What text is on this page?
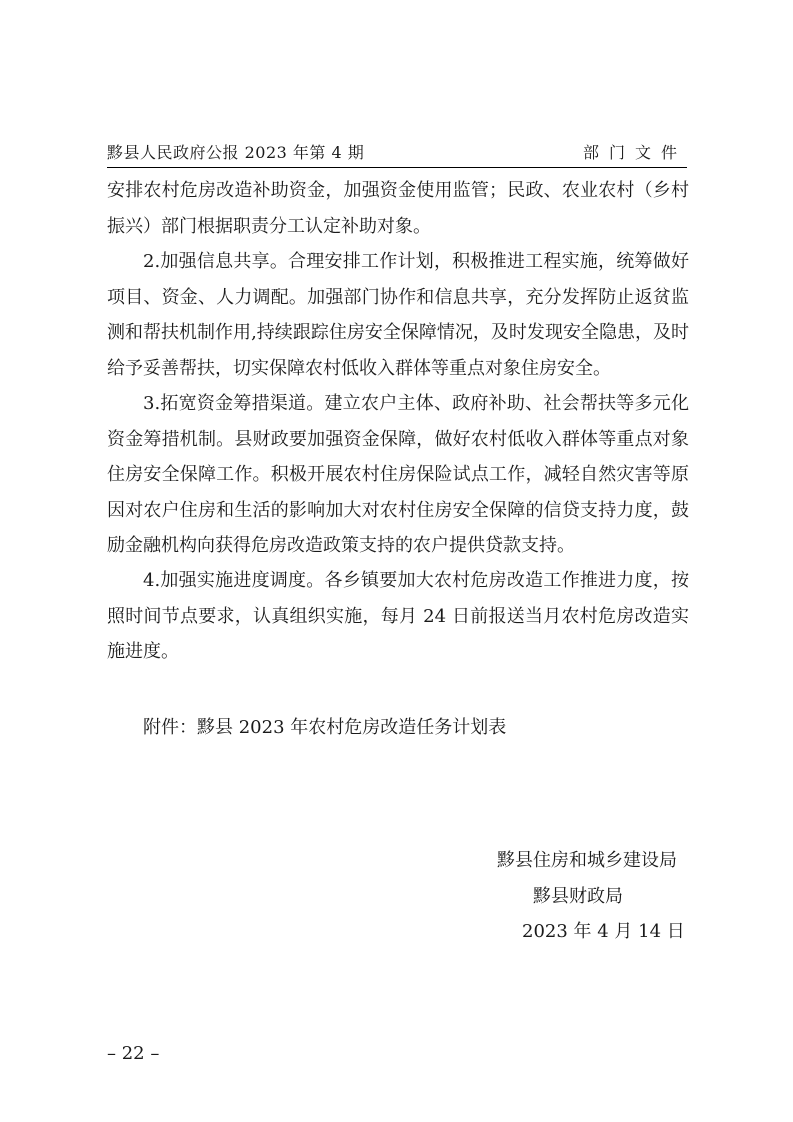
黟县人民政府公报 2023 年第 4 期	部门文件

安排农村危房改造补助资金，加强资金使用监管；民政、农业农村（乡村振兴）部门根据职责分工认定补助对象。

2.加强信息共享。合理安排工作计划，积极推进工程实施，统筹做好项目、资金、人力调配。加强部门协作和信息共享，充分发挥防止返贫监测和帮扶机制作用,持续跟踪住房安全保障情况，及时发现安全隐患，及时给予妥善帮扶，切实保障农村低收入群体等重点对象住房安全。

3.拓宽资金筹措渠道。建立农户主体、政府补助、社会帮扶等多元化资金筹措机制。县财政要加强资金保障，做好农村低收入群体等重点对象住房安全保障工作。积极开展农村住房保险试点工作，减轻自然灾害等原因对农户住房和生活的影响加大对农村住房安全保障的信贷支持力度，鼓励金融机构向获得危房改造政策支持的农户提供贷款支持。

4.加强实施进度调度。各乡镇要加大农村危房改造工作推进力度，按照时间节点要求，认真组织实施，每月 24 日前报送当月农村危房改造实施进度。

附件：黟县 2023 年农村危房改造任务计划表
黟县住房和城乡建设局
黟县财政局
2023 年 4 月 14 日
– 22 –
